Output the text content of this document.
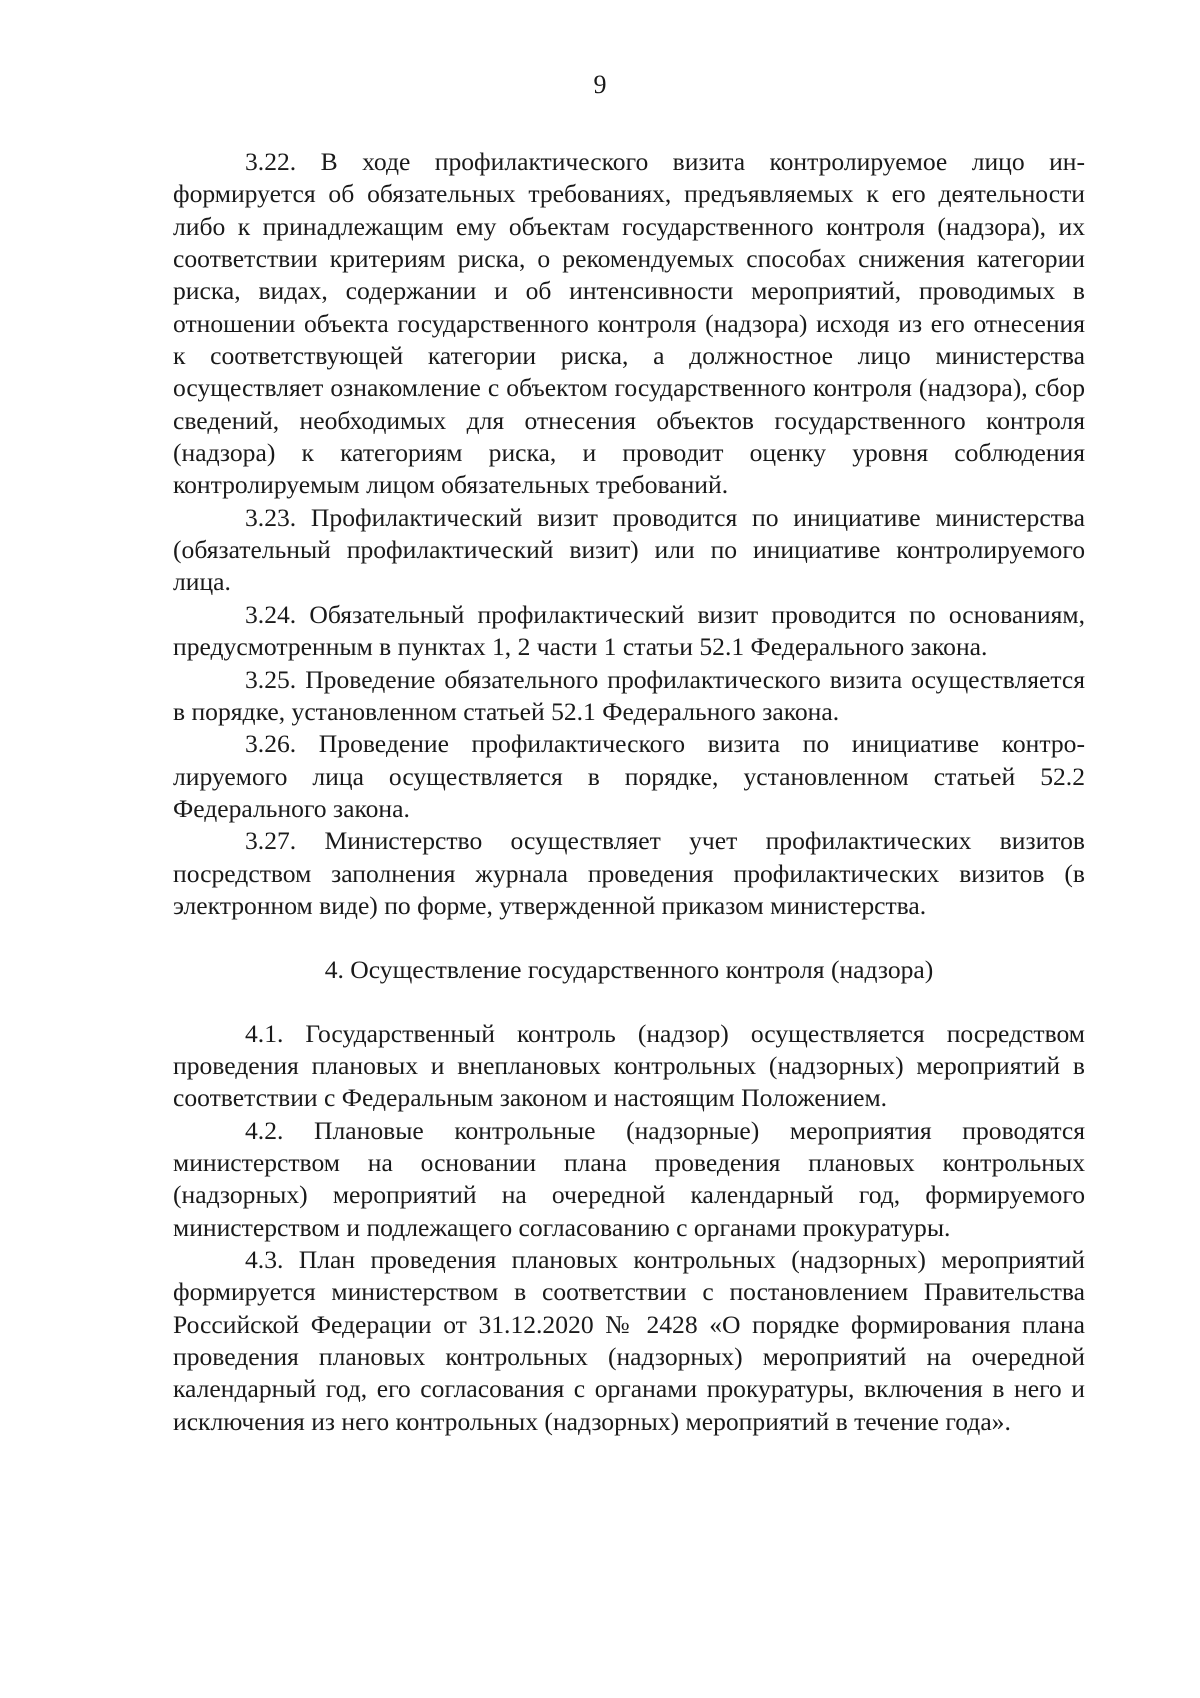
9

3.22. В ходе профилактического визита контролируемое лицо информируется об обязательных требованиях, предъявляемых к его деятельности либо к принадлежащим ему объектам государственного контроля (надзора), их соответствии критериям риска, о рекомендуемых способах снижения категории риска, видах, содержании и об интенсивности мероприятий, проводимых в отношении объекта государственного контроля (надзора) исходя из его отнесения к соответствующей категории риска, а должностное лицо министерства осуществляет ознакомление с объектом государственного контроля (надзора), сбор сведений, необходимых для отнесения объектов государственного контроля (надзора) к категориям риска, и проводит оценку уровня соблюдения контролируемым лицом обязательных требований.

3.23. Профилактический визит проводится по инициативе министерства (обязательный профилактический визит) или по инициативе контролируемого лица.

3.24. Обязательный профилактический визит проводится по основаниям, предусмотренным в пунктах 1, 2 части 1 статьи 52.1 Федерального закона.

3.25. Проведение обязательного профилактического визита осуществляется в порядке, установленном статьей 52.1 Федерального закона.

3.26. Проведение профилактического визита по инициативе контролируемого лица осуществляется в порядке, установленном статьей 52.2 Федерального закона.

3.27. Министерство осуществляет учет профилактических визитов посредством заполнения журнала проведения профилактических визитов (в электронном виде) по форме, утвержденной приказом министерства.

4. Осуществление государственного контроля (надзора)

4.1. Государственный контроль (надзор) осуществляется посредством проведения плановых и внеплановых контрольных (надзорных) мероприятий в соответствии с Федеральным законом и настоящим Положением.

4.2. Плановые контрольные (надзорные) мероприятия проводятся министерством на основании плана проведения плановых контрольных (надзорных) мероприятий на очередной календарный год, формируемого министерством и подлежащего согласованию с органами прокуратуры.

4.3. План проведения плановых контрольных (надзорных) мероприятий формируется министерством в соответствии с постановлением Правительства Российской Федерации от 31.12.2020 № 2428 «О порядке формирования плана проведения плановых контрольных (надзорных) мероприятий на очередной календарный год, его согласования с органами прокуратуры, включения в него и исключения из него контрольных (надзорных) мероприятий в течение года».
